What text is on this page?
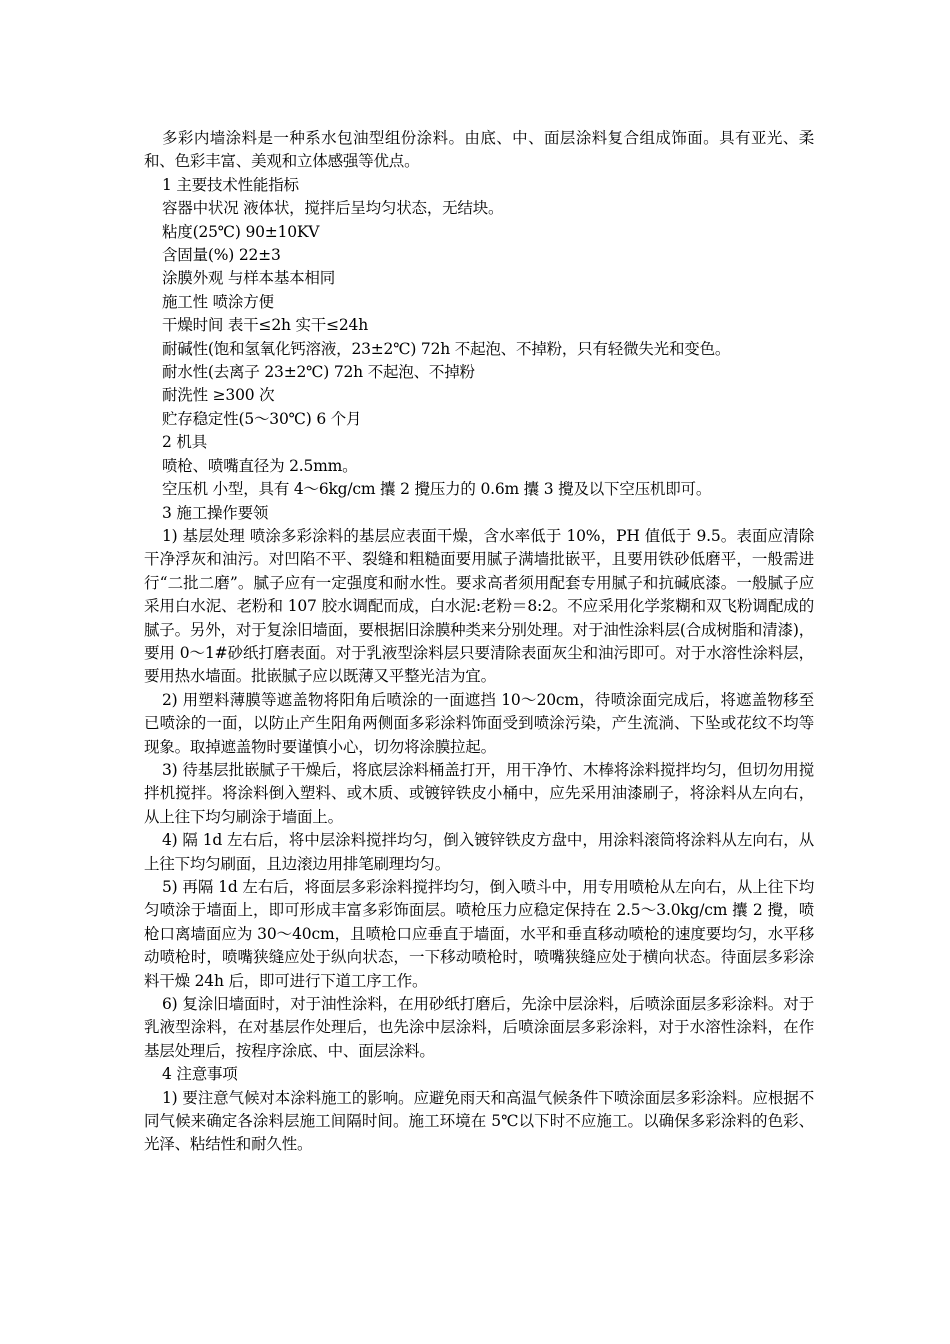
多彩内墙涂料是一种系水包油型组份涂料。由底、中、面层涂料复合组成饰面。具有亚光、柔和、色彩丰富、美观和立体感强等优点。

1 主要技术性能指标

容器中状况 液体状，搅拌后呈均匀状态，无结块。

粘度(25℃) 90±10KV

含固量(%) 22±3

涂膜外观 与样本基本相同

施工性 喷涂方便

干燥时间 表干≤2h 实干≤24h

耐碱性(饱和氢氧化钙溶液，23±2℃) 72h 不起泡、不掉粉，只有轻微失光和变色。

耐水性(去离子 23±2℃) 72h 不起泡、不掉粉

耐洗性 ≥300 次

贮存稳定性(5～30℃) 6 个月

2 机具

喷枪、喷嘴直径为 2.5mm。

空压机 小型，具有 4～6kg/cm 攮 2 攪压力的 0.6m 攮 3 攪及以下空压机即可。

3 施工操作要领

1) 基层处理 喷涂多彩涂料的基层应表面干燥，含水率低于 10%，PH 值低于 9.5。表面应清除干净浮灰和油污。对凹陷不平、裂缝和粗糙面要用腻子满墙批嵌平，且要用铁砂低磨平，一般需进行“二批二磨”。腻子应有一定强度和耐水性。要求高者须用配套专用腻子和抗碱底漆。一般腻子应采用白水泥、老粉和 107 胶水调配而成，白水泥:老粉＝8:2。不应采用化学浆糊和双飞粉调配成的腻子。另外，对于复涂旧墙面，要根据旧涂膜种类来分别处理。对于油性涂料层(合成树脂和清漆)，要用 0～1#砂纸打磨表面。对于乳液型涂料层只要清除表面灰尘和油污即可。对于水溶性涂料层，要用热水墙面。批嵌腻子应以既薄又平整光洁为宜。

2) 用塑料薄膜等遮盖物将阳角后喷涂的一面遮挡 10～20cm，待喷涂面完成后，将遮盖物移至已喷涂的一面，以防止产生阳角两侧面多彩涂料饰面受到喷涂污染，产生流淌、下坠或花纹不均等现象。取掉遮盖物时要谨慎小心，切勿将涂膜拉起。

3) 待基层批嵌腻子干燥后，将底层涂料桶盖打开，用干净竹、木棒将涂料搅拌均匀，但切勿用搅拌机搅拌。将涂料倒入塑料、或木质、或镀锌铁皮小桶中，应先采用油漆刷子，将涂料从左向右，从上往下均匀刷涂于墙面上。

4) 隔 1d 左右后，将中层涂料搅拌均匀，倒入镀锌铁皮方盘中，用涂料滚筒将涂料从左向右，从上往下均匀刷面，且边滚边用排笔刷理均匀。

5) 再隔 1d 左右后，将面层多彩涂料搅拌均匀，倒入喷斗中，用专用喷枪从左向右，从上往下均匀喷涂于墙面上，即可形成丰富多彩饰面层。喷枪压力应稳定保持在 2.5～3.0kg/cm 攮 2 攪，喷枪口离墙面应为 30～40cm，且喷枪口应垂直于墙面，水平和垂直移动喷枪的速度要均匀，水平移动喷枪时，喷嘴狭缝应处于纵向状态，一下移动喷枪时，喷嘴狭缝应处于横向状态。待面层多彩涂料干燥 24h 后，即可进行下道工序工作。

6) 复涂旧墙面时，对于油性涂料，在用砂纸打磨后，先涂中层涂料，后喷涂面层多彩涂料。对于乳液型涂料，在对基层作处理后，也先涂中层涂料，后喷涂面层多彩涂料，对于水溶性涂料，在作基层处理后，按程序涂底、中、面层涂料。

4 注意事项

1) 要注意气候对本涂料施工的影响。应避免雨天和高温气候条件下喷涂面层多彩涂料。应根据不同气候来确定各涂料层施工间隔时间。施工环境在 5℃以下时不应施工。以确保多彩涂料的色彩、光泽、粘结性和耐久性。
